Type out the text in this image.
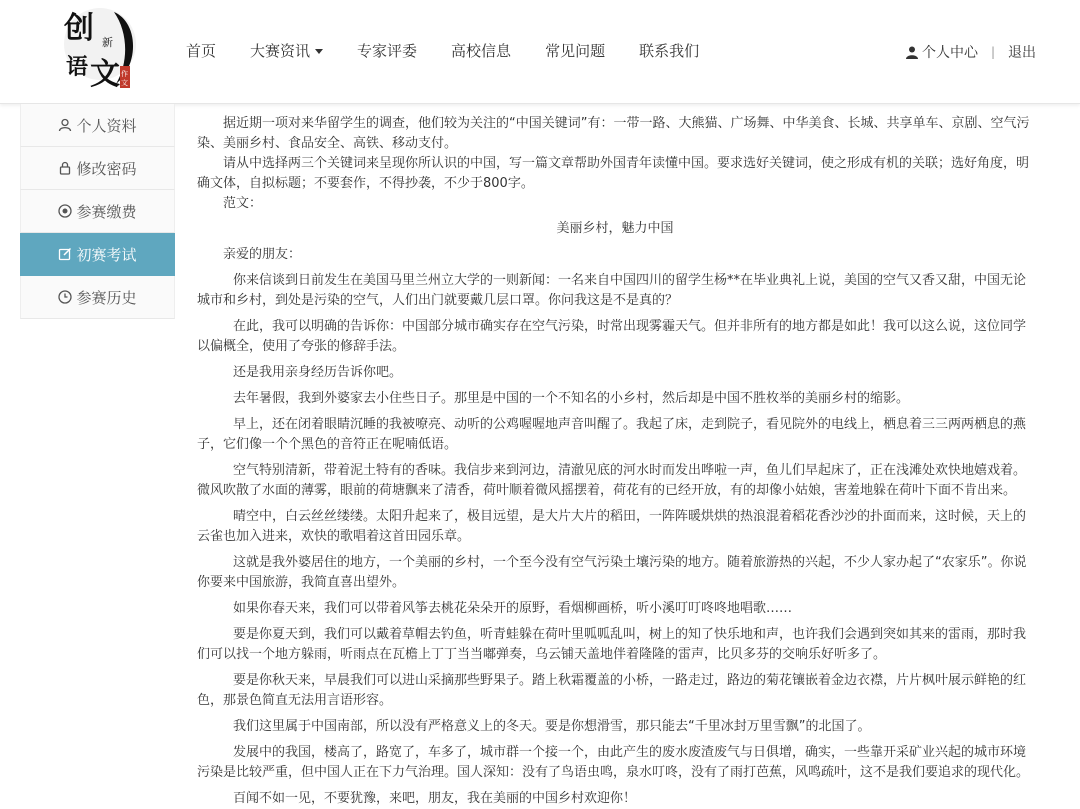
创 新
语 文 作
文
首页 大赛资讯	专家评委 高校信息 常见问题 联系我们	个人中心 | 退出
个人资料
修改密码
参赛缴费
初赛考试
参赛历史

据近期一项对来华留学生的调查，他们较为关注的“中国关键词”有：一带一路、大熊猫、广场舞、中华美食、长城、共享单车、京剧、空气污染、美丽乡村、食品安全、高铁、移动支付。

请从中选择两三个关键词来呈现你所认识的中国，写一篇文章帮助外国青年读懂中国。要求选好关键词，使之形成有机的关联；选好角度，明确文体，自拟标题；不要套作，不得抄袭，不少于800字。

范文：

美丽乡村，魅力中国

亲爱的朋友：

你来信谈到日前发生在美国马里兰州立大学的一则新闻：一名来自中国四川的留学生杨**在毕业典礼上说，美国的空气又香又甜，中国无论城市和乡村，到处是污染的空气，人们出门就要戴几层口罩。你问我这是不是真的？

在此，我可以明确的告诉你：中国部分城市确实存在空气污染，时常出现雾霾天气。但并非所有的地方都是如此！我可以这么说，这位同学以偏概全，使用了夸张的修辞手法。

还是我用亲身经历告诉你吧。

去年暑假，我到外婆家去小住些日子。那里是中国的一个不知名的小乡村，然后却是中国不胜枚举的美丽乡村的缩影。

早上，还在闭着眼睛沉睡的我被嘹亮、动听的公鸡喔喔地声音叫醒了。我起了床，走到院子，看见院外的电线上，栖息着三三两两栖息的燕子，它们像一个个黑色的音符正在呢喃低语。

空气特别清新，带着泥土特有的香味。我信步来到河边，清澈见底的河水时而发出哗啦一声，鱼儿们早起床了，正在浅滩处欢快地嬉戏着。微风吹散了水面的薄雾，眼前的荷塘飘来了清香，荷叶顺着微风摇摆着，荷花有的已经开放，有的却像小姑娘，害羞地躲在荷叶下面不肯出来。

晴空中，白云丝丝缕缕。太阳升起来了，极目远望，是大片大片的稻田，一阵阵暖烘烘的热浪混着稻花香沙沙的扑面而来，这时候，天上的云雀也加入进来，欢快的歌唱着这首田园乐章。

这就是我外婆居住的地方，一个美丽的乡村，一个至今没有空气污染土壤污染的地方。随着旅游热的兴起，不少人家办起了“农家乐”。你说你要来中国旅游，我简直喜出望外。

如果你春天来，我们可以带着风筝去桃花朵朵开的原野，看烟柳画桥，听小溪叮叮咚咚地唱歌……

要是你夏天到，我们可以戴着草帽去钓鱼，听青蛙躲在荷叶里呱呱乱叫，树上的知了快乐地和声，也许我们会遇到突如其来的雷雨，那时我们可以找一个地方躲雨，听雨点在瓦檐上丁丁当当嘟弹奏，乌云铺天盖地伴着隆隆的雷声，比贝多芬的交响乐好听多了。

要是你秋天来，早晨我们可以进山采摘那些野果子。踏上秋霜覆盖的小桥，一路走过，路边的菊花镶嵌着金边衣襟，片片枫叶展示鲜艳的红色，那景色简直无法用言语形容。

我们这里属于中国南部，所以没有严格意义上的冬天。要是你想滑雪，那只能去“千里冰封万里雪飘”的北国了。

发展中的我国，楼高了，路宽了，车多了，城市群一个接一个，由此产生的废水废渣废气与日俱增，确实，一些靠开采矿业兴起的城市环境污染是比较严重，但中国人正在下力气治理。国人深知：没有了鸟语虫鸣，泉水叮咚，没有了雨打芭蕉，风鸣疏叶，这不是我们要追求的现代化。

百闻不如一见，不要犹豫，来吧，朋友，我在美丽的中国乡村欢迎你！
